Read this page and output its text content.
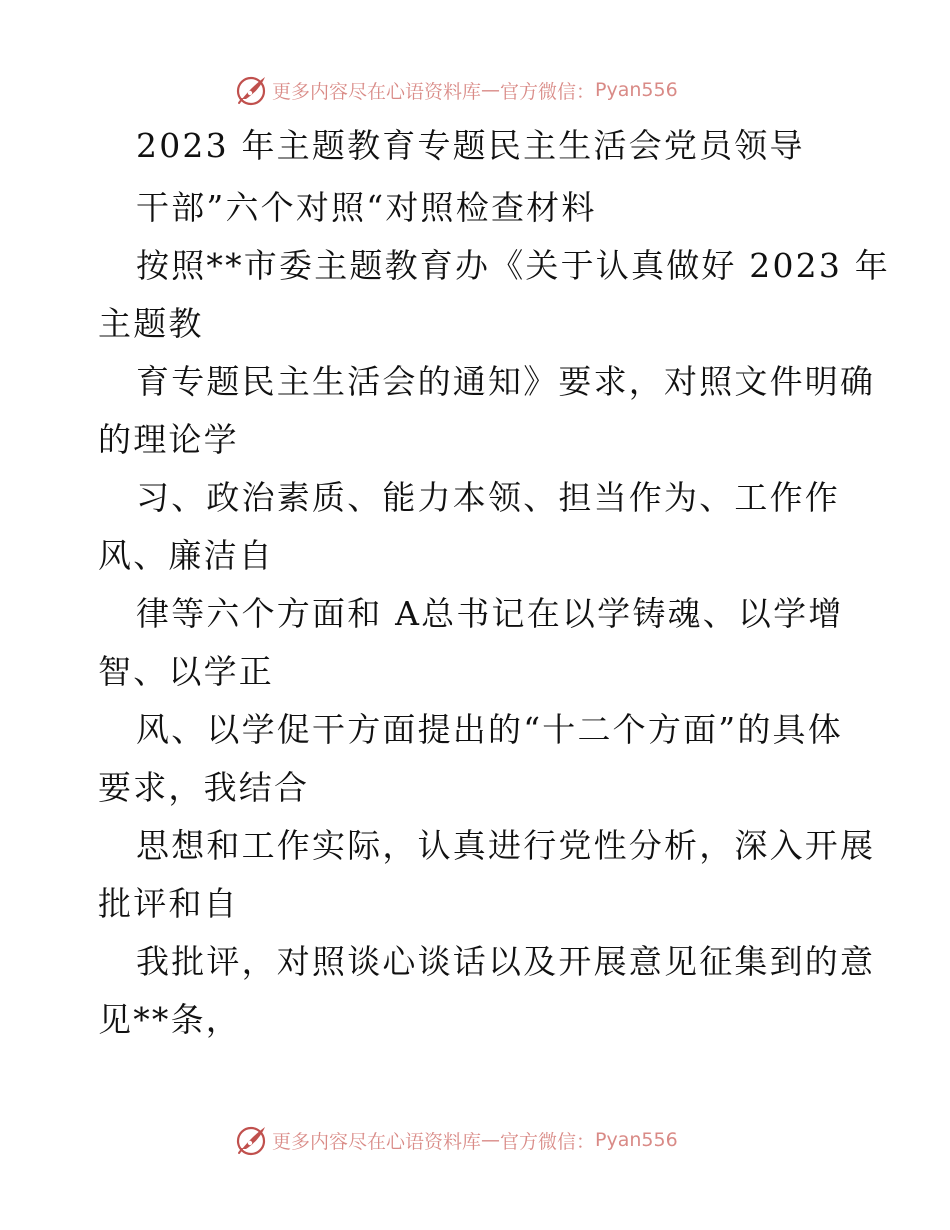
更多内容尽在心语资料库 — 官方微信： Pyan556
2023 年主题教育专题民主生活会党员领导
干部”六个对照“对照检查材料
按照**市委主题教育办《关于认真做好 2023 年
主题教
育专题民主生活会的通知》要求，对照文件明确
的理论学
习、政治素质、能力本领、担当作为、工作作
风、廉洁自
律等六个方面和 A总书记在以学铸魂、以学增
智、以学正
风、以学促干方面提出的“十二个方面”的具体
要求，我结合
思想和工作实际，认真进行党性分析，深入开展
批评和自
我批评，对照谈心谈话以及开展意见征集到的意
见**条，
更多内容尽在心语资料库 — 官方微信： Pyan556
